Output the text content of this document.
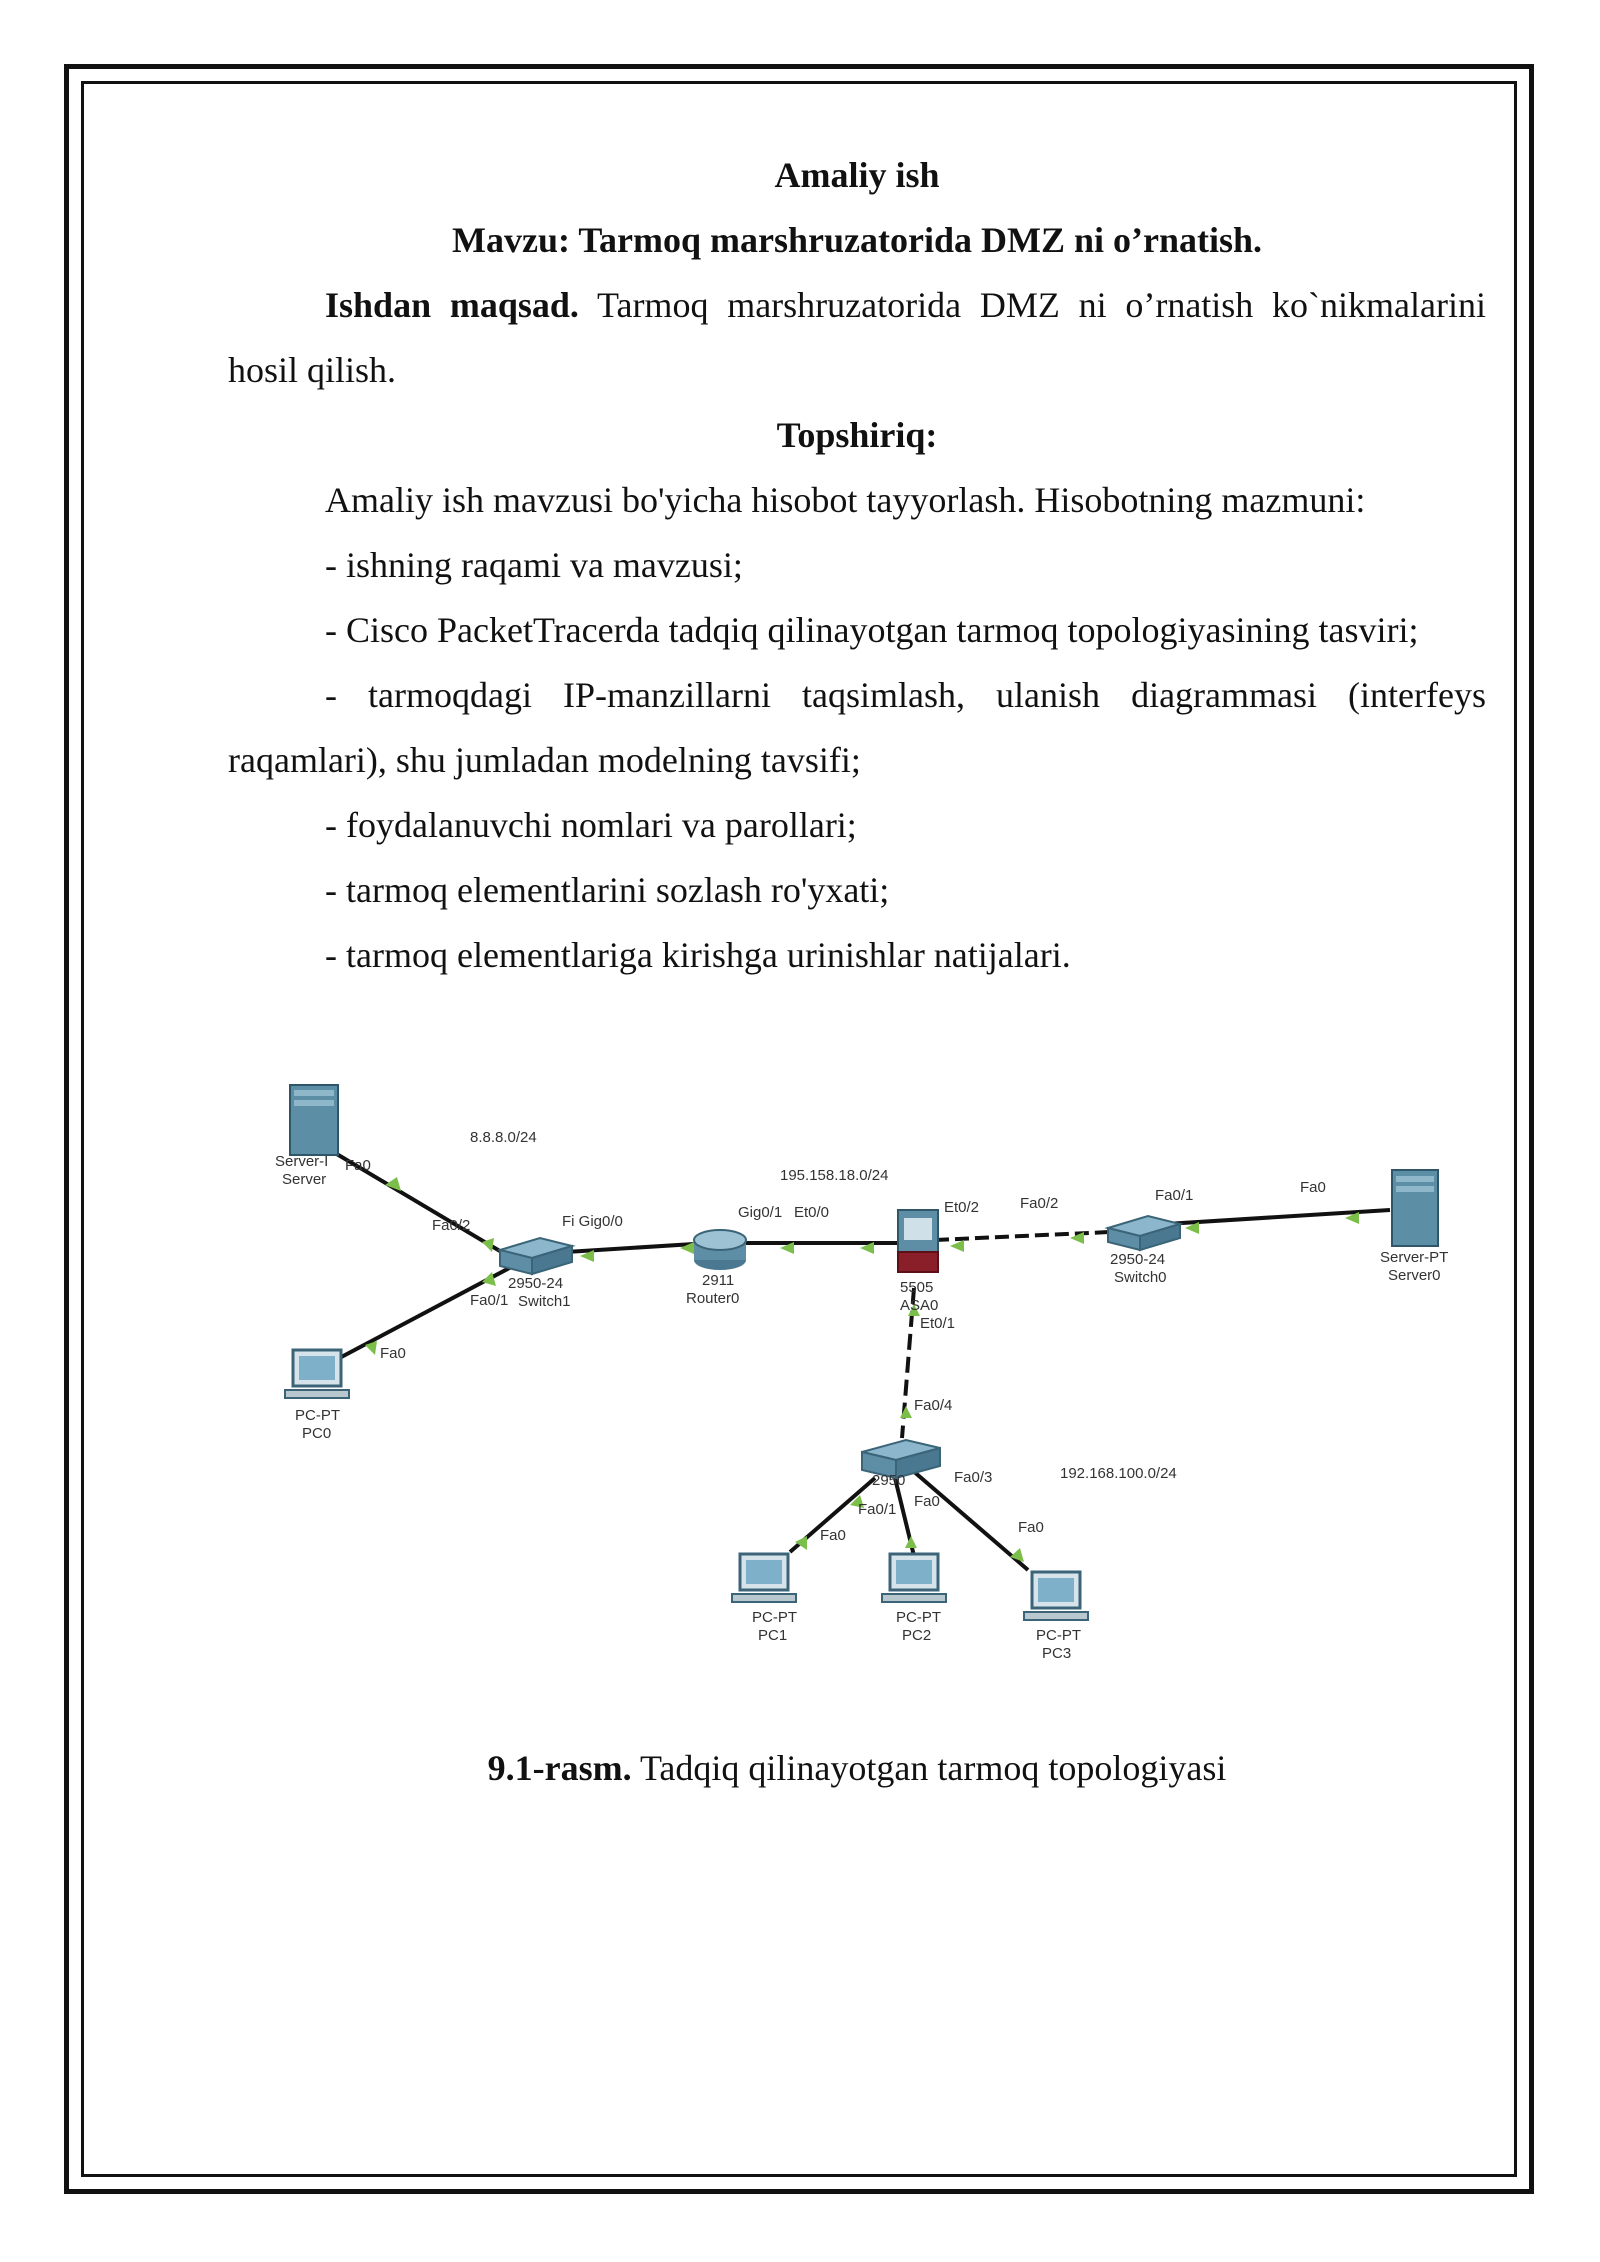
Amaliy ish
Mavzu: Tarmoq marshruzatorida DMZ ni o’rnatish.

Ishdan maqsad. Tarmoq marshruzatorida DMZ ni o’rnatish ko`nikmalarini hosil qilish.

Topshiriq:

Amaliy ish mavzusi bo'yicha hisobot tayyorlash. Hisobotning mazmuni:

- ishning raqami va mavzusi;

- Cisco PacketTracerda tadqiq qilinayotgan tarmoq topologiyasining tasviri;

- tarmoqdagi IP-manzillarni taqsimlash, ulanish diagrammasi (interfeys raqamlari), shu jumladan modelning tavsifi;

- foydalanuvchi nomlari va parollari;

- tarmoq elementlarini sozlash ro'yxati;

- tarmoq elementlariga kirishga urinishlar natijalari.

8.8.8.0/24
195.158.18.0/24
192.168.100.0/24
Server-I
Server
Fa0
Fa0/2	Fi Gig0/0
Fa0/1
2950-24
Switch1
Fa0
PC-PT
PC0
2911
Router0
Gig0/1 Et0/0	Et0/2	Fa0/2	Fa0/1	Fa0
5505
ASA0
Et0/1
2950-24
Switch0
Server-PT
Server0
Fa0/4
2950	Fa0/3
Fa0/1 Fa0
Fa0	Fa0
PC-PT
PC1
PC-PT
PC2	PC-PT
PC3
9.1-rasm. Tadqiq qilinayotgan tarmoq topologiyasi
